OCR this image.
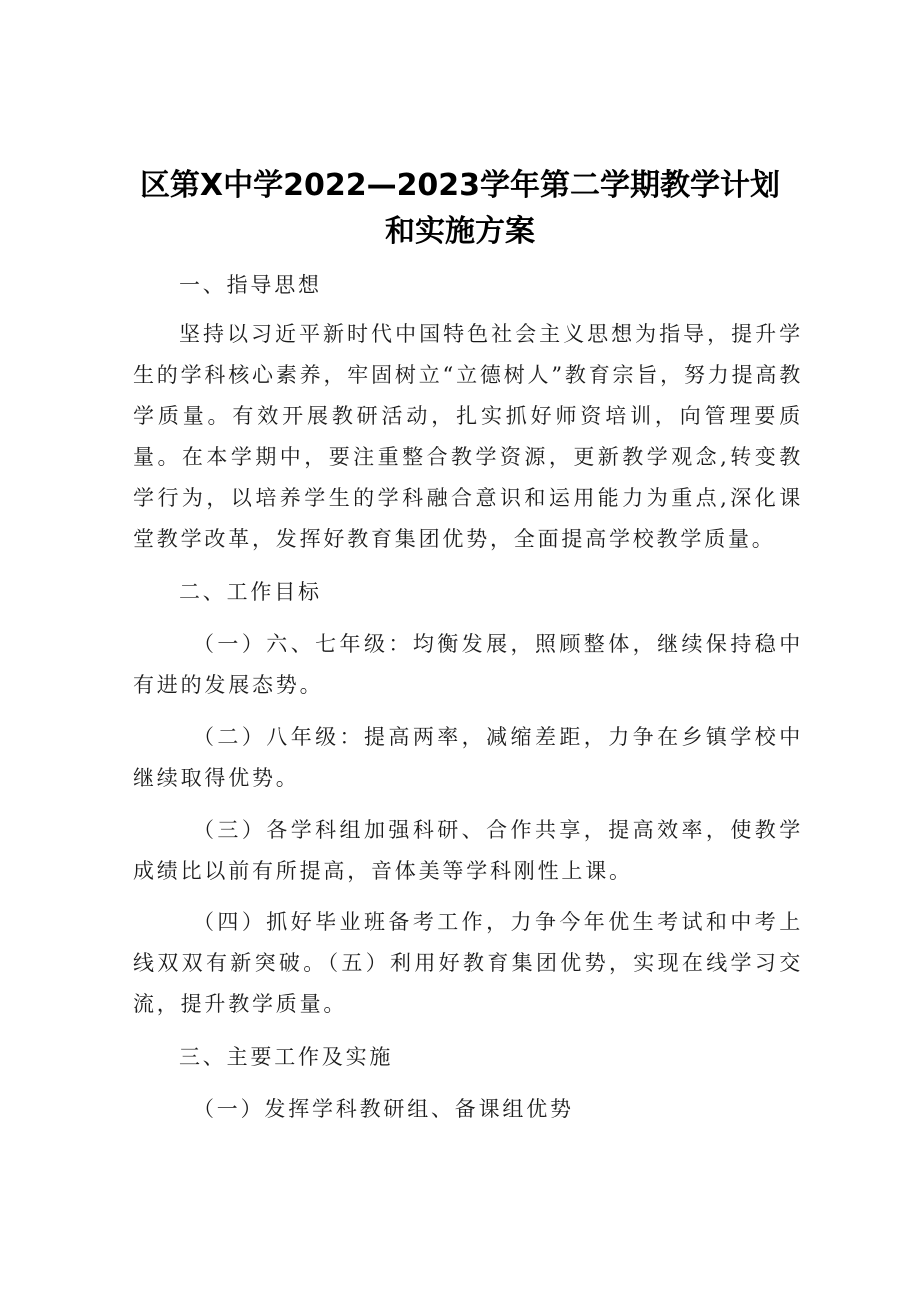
区第X中学2022—2023学年第二学期教学计划
和实施方案

一、指导思想

坚持以习近平新时代中国特色社会主义思想为指导，提升学生的学科核心素养，牢固树立“立德树人”教育宗旨，努力提高教学质量。有效开展教研活动，扎实抓好师资培训，向管理要质量。在本学期中，要注重整合教学资源，更新教学观念,转变教学行为，以培养学生的学科融合意识和运用能力为重点,深化课堂教学改革，发挥好教育集团优势，全面提高学校教学质量。

二、工作目标

（一）六、七年级：均衡发展，照顾整体，继续保持稳中有进的发展态势。

（二）八年级：提高两率，减缩差距，力争在乡镇学校中继续取得优势。

（三）各学科组加强科研、合作共享，提高效率，使教学成绩比以前有所提高，音体美等学科刚性上课。

（四）抓好毕业班备考工作，力争今年优生考试和中考上线双双有新突破。（五）利用好教育集团优势，实现在线学习交流，提升教学质量。

三、主要工作及实施

（一）发挥学科教研组、备课组优势
